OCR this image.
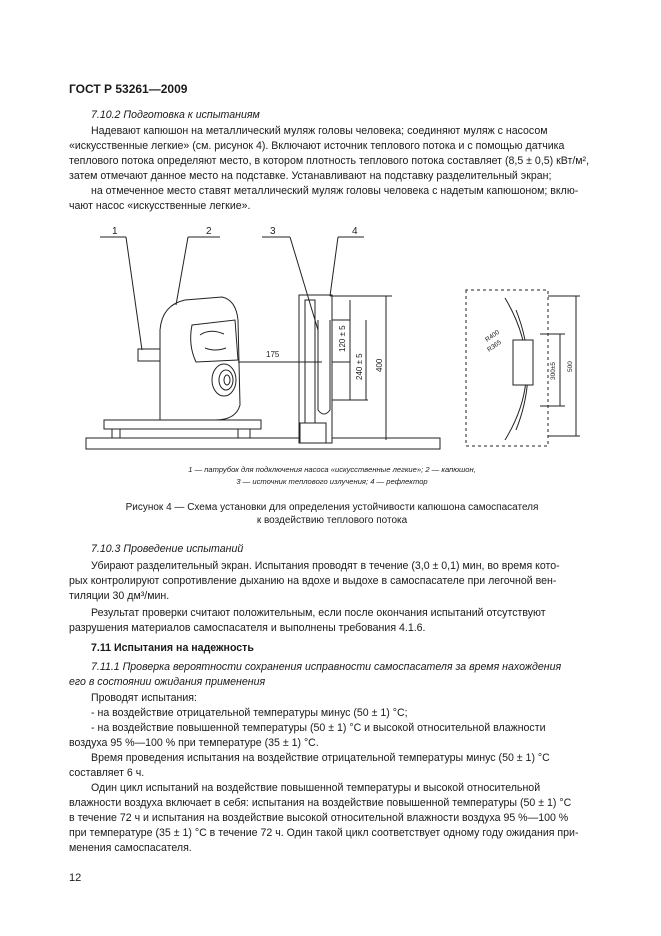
ГОСТ Р 53261—2009
7.10.2 Подготовка к испытаниям
Надевают капюшон на металлический муляж головы человека; соединяют муляж с насосом
«искусственные легкие» (см. рисунок 4). Включают источник теплового потока и с помощью датчика
теплового потока определяют место, в котором плотность теплового потока составляет (8,5 ± 0,5) кВт/м²,
затем отмечают данное место на подставке. Устанавливают на подставку разделительный экран;
на отмеченное место ставят металлический муляж головы человека с надетым капюшоном; вклю-
чают насос «искусственные легкие».
1	2	3	4
175
120 ± 5
240 ± 5 400
R400
R365
300±5 500
1 — патрубок для подключения насоса «искусственные легкие»; 2 — капюшон,
3 — источник теплового излучения; 4 — рефлектор
Рисунок 4 — Схема установки для определения устойчивости капюшона самоспасателя
к воздействию теплового потока
7.10.3 Проведение испытаний
Убирают разделительный экран. Испытания проводят в течение (3,0 ± 0,1) мин, во время кото-
рых контролируют сопротивление дыханию на вдохе и выдохе в самоспасателе при легочной вен-
тиляции 30 дм³/мин.
Результат проверки считают положительным, если после окончания испытаний отсутствуют
разрушения материалов самоспасателя и выполнены требования 4.1.6.
7.11 Испытания на надежность
7.11.1 Проверка вероятности сохранения исправности самоспасателя за время нахождения
его в состоянии ожидания применения
Проводят испытания:
- на воздействие отрицательной температуры минус (50 ± 1) °С;
- на воздействие повышенной температуры (50 ± 1) °С и высокой относительной влажности
воздуха 95 %—100 % при температуре (35 ± 1) °С.
Время проведения испытания на воздействие отрицательной температуры минус (50 ± 1) °С
составляет 6 ч.
Один цикл испытаний на воздействие повышенной температуры и высокой относительной
влажности воздуха включает в себя: испытания на воздействие повышенной температуры (50 ± 1) °С
в течение 72 ч и испытания на воздействие высокой относительной влажности воздуха 95 %—100 %
при температуре (35 ± 1) °С в течение 72 ч. Один такой цикл соответствует одному году ожидания при-
менения самоспасателя.
12
